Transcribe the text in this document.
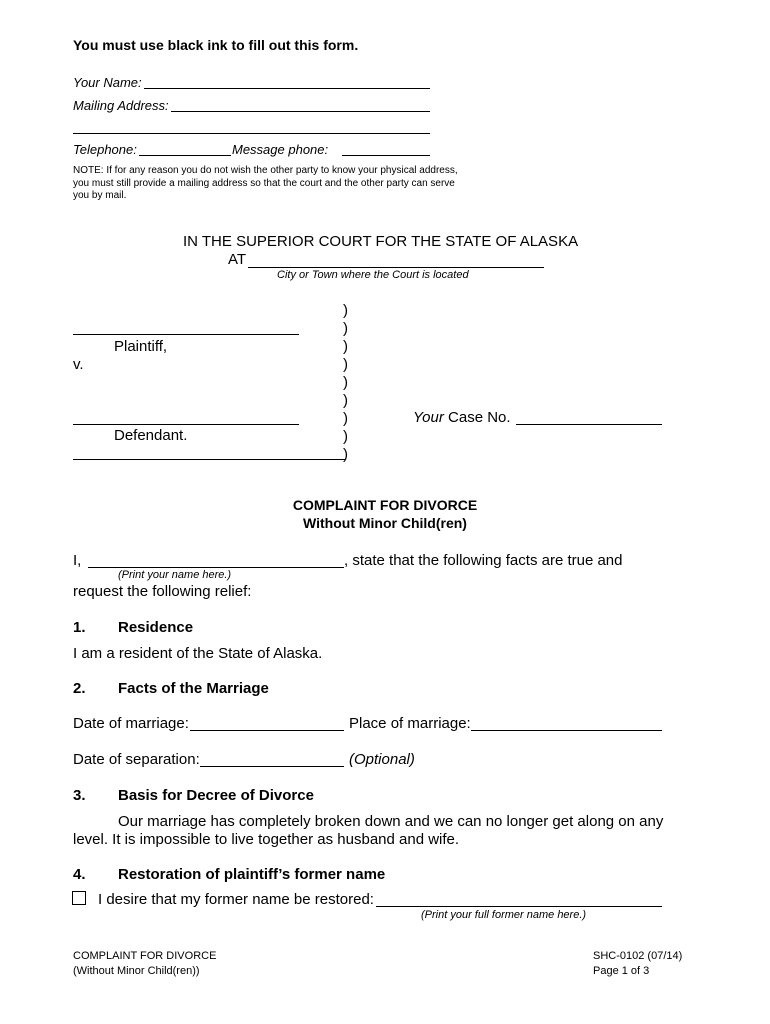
You must use black ink to fill out this form.
Your Name:
Mailing Address:
Telephone:	Message phone:
NOTE: If for any reason you do not wish the other party to know your physical address,
you must still provide a mailing address so that the court and the other party can serve
you by mail.
IN THE SUPERIOR COURT FOR THE STATE OF ALASKA
AT
City or Town where the Court is located
Plaintiff,
v.
Defendant.
)
)
)
)
)
)
)
)
)
Your Case No.
COMPLAINT FOR DIVORCE
Without Minor Child(ren)
I,	, state that the following facts are true and
(Print your name here.)
request the following relief:
1. Residence
I am a resident of the State of Alaska.
2. Facts of the Marriage
Date of marriage:	Place of marriage:
Date of separation:	(Optional)
3. Basis for Decree of Divorce
Our marriage has completely broken down and we can no longer get along on any
level. It is impossible to live together as husband and wife.
4. Restoration of plaintiff’s former name
I desire that my former name be restored:
(Print your full former name here.)
COMPLAINT FOR DIVORCE
(Without Minor Child(ren))
SHC-0102 (07/14)
Page 1 of 3
